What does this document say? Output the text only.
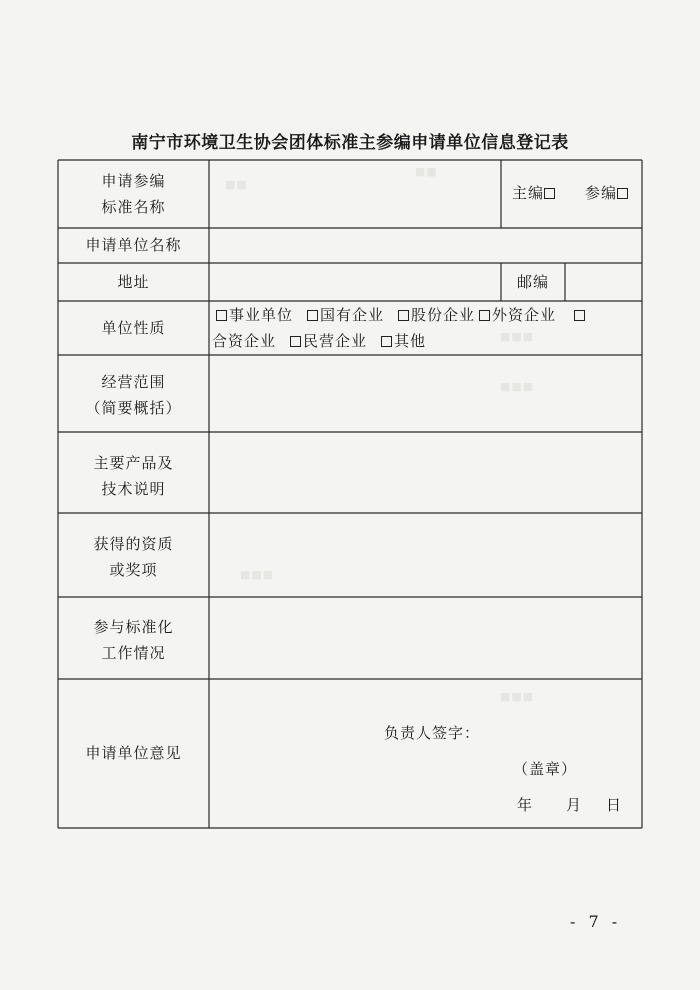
南宁市环境卫生协会团体标准主参编申请单位信息登记表
■■
■■
■■■
■■■
■■■
■■■
申请参编
标准名称
主编	参编
申请单位名称
地址	邮编
单位性质
事业单位 国有企业 股份企业 外资企业
合资企业 民营企业 其他
经营范围
（简要概括）
主要产品及
技术说明
获得的资质
或奖项
参与标准化
工作情况
申请单位意见
负责人签字：
（盖章）
年 月 日
- 7 -
